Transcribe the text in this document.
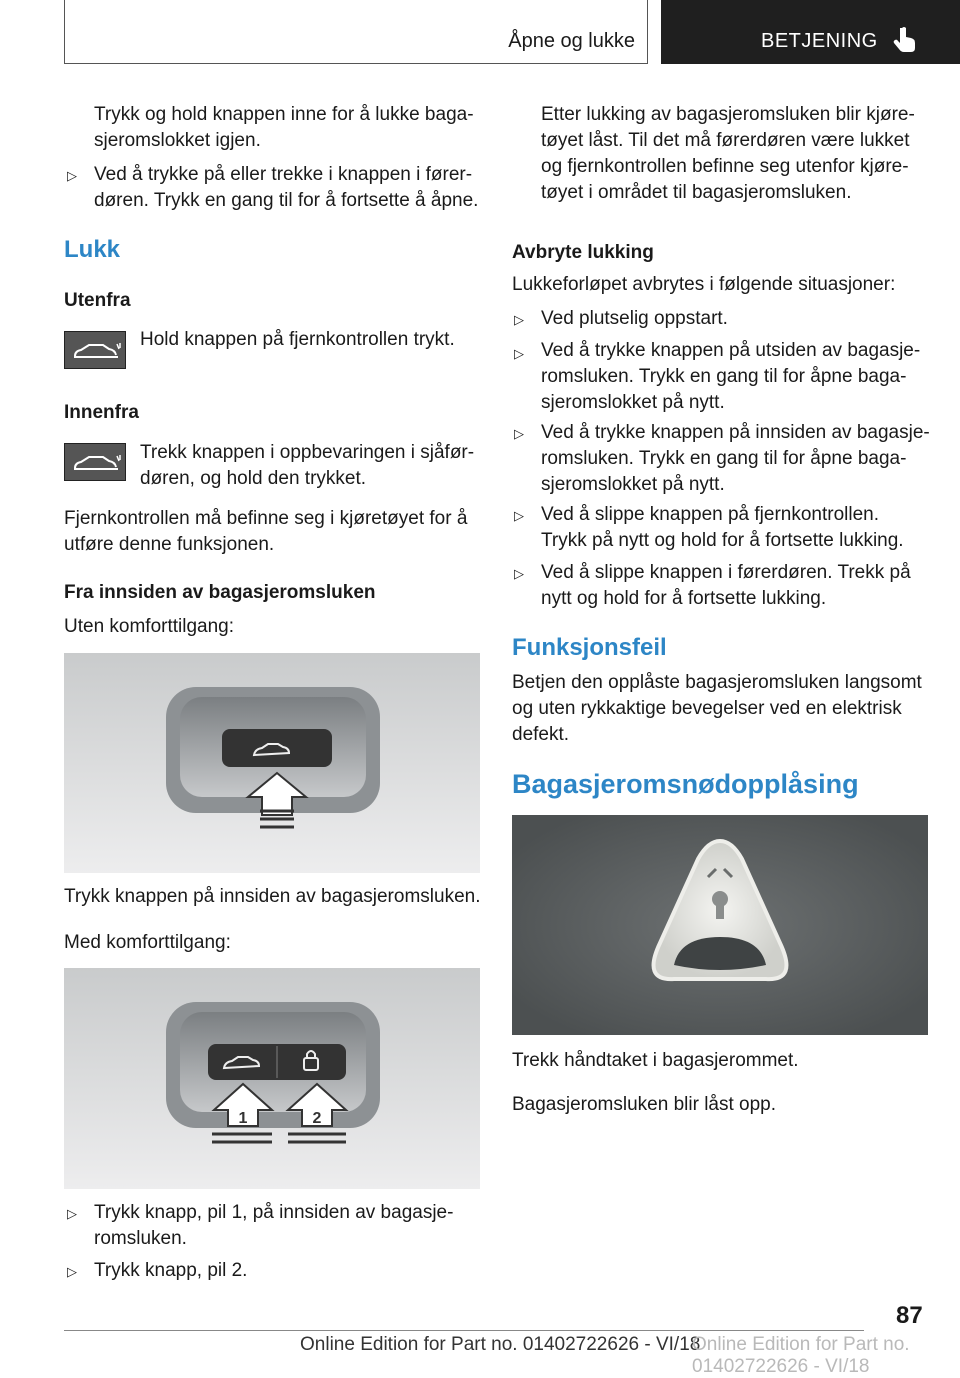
Åpne og lukke	BETJENING
Trykk og hold knappen inne for å lukke baga-
sjeromslokket igjen.
▷ Ved å trykke på eller trekke i knappen i fører-
døren. Trykk en gang til for å fortsette å åpne.
Lukk
Utenfra
Hold knappen på fjernkontrollen trykt.
Innenfra
Trekk knappen i oppbevaringen i sjåfør-
døren, og hold den trykket.
Fjernkontrollen må befinne seg i kjøretøyet for å
utføre denne funksjonen.
Fra innsiden av bagasjeromsluken
Uten komforttilgang:
Trykk knappen på innsiden av bagasjeromsluken.
Med komforttilgang:
1	2
▷ Trykk knapp, pil 1, på innsiden av bagasje-
romsluken.
▷ Trykk knapp, pil 2.
Etter lukking av bagasjeromsluken blir kjøre-
tøyet låst. Til det må førerdøren være lukket
og fjernkontrollen befinne seg utenfor kjøre-
tøyet i området til bagasjeromsluken.
Avbryte lukking
Lukkeforløpet avbrytes i følgende situasjoner:
▷ Ved plutselig oppstart.
▷ Ved å trykke knappen på utsiden av bagasje-
romsluken. Trykk en gang til for åpne baga-
sjeromslokket på nytt.
▷ Ved å trykke knappen på innsiden av bagasje-
romsluken. Trykk en gang til for åpne baga-
sjeromslokket på nytt.
▷ Ved å slippe knappen på fjernkontrollen.
Trykk på nytt og hold for å fortsette lukking.
▷ Ved å slippe knappen i førerdøren. Trekk på
nytt og hold for å fortsette lukking.
Funksjonsfeil
Betjen den opplåste bagasjeromsluken langsomt
og uten rykkaktige bevegelser ved en elektrisk
defekt.
Bagasjeromsnødopplåsing
Trekk håndtaket i bagasjerommet.
Bagasjeromsluken blir låst opp.
87
Online Edition for Part no. 01402722626 - VI/18
Online Edition for Part no. 01402722626 - VI/18
